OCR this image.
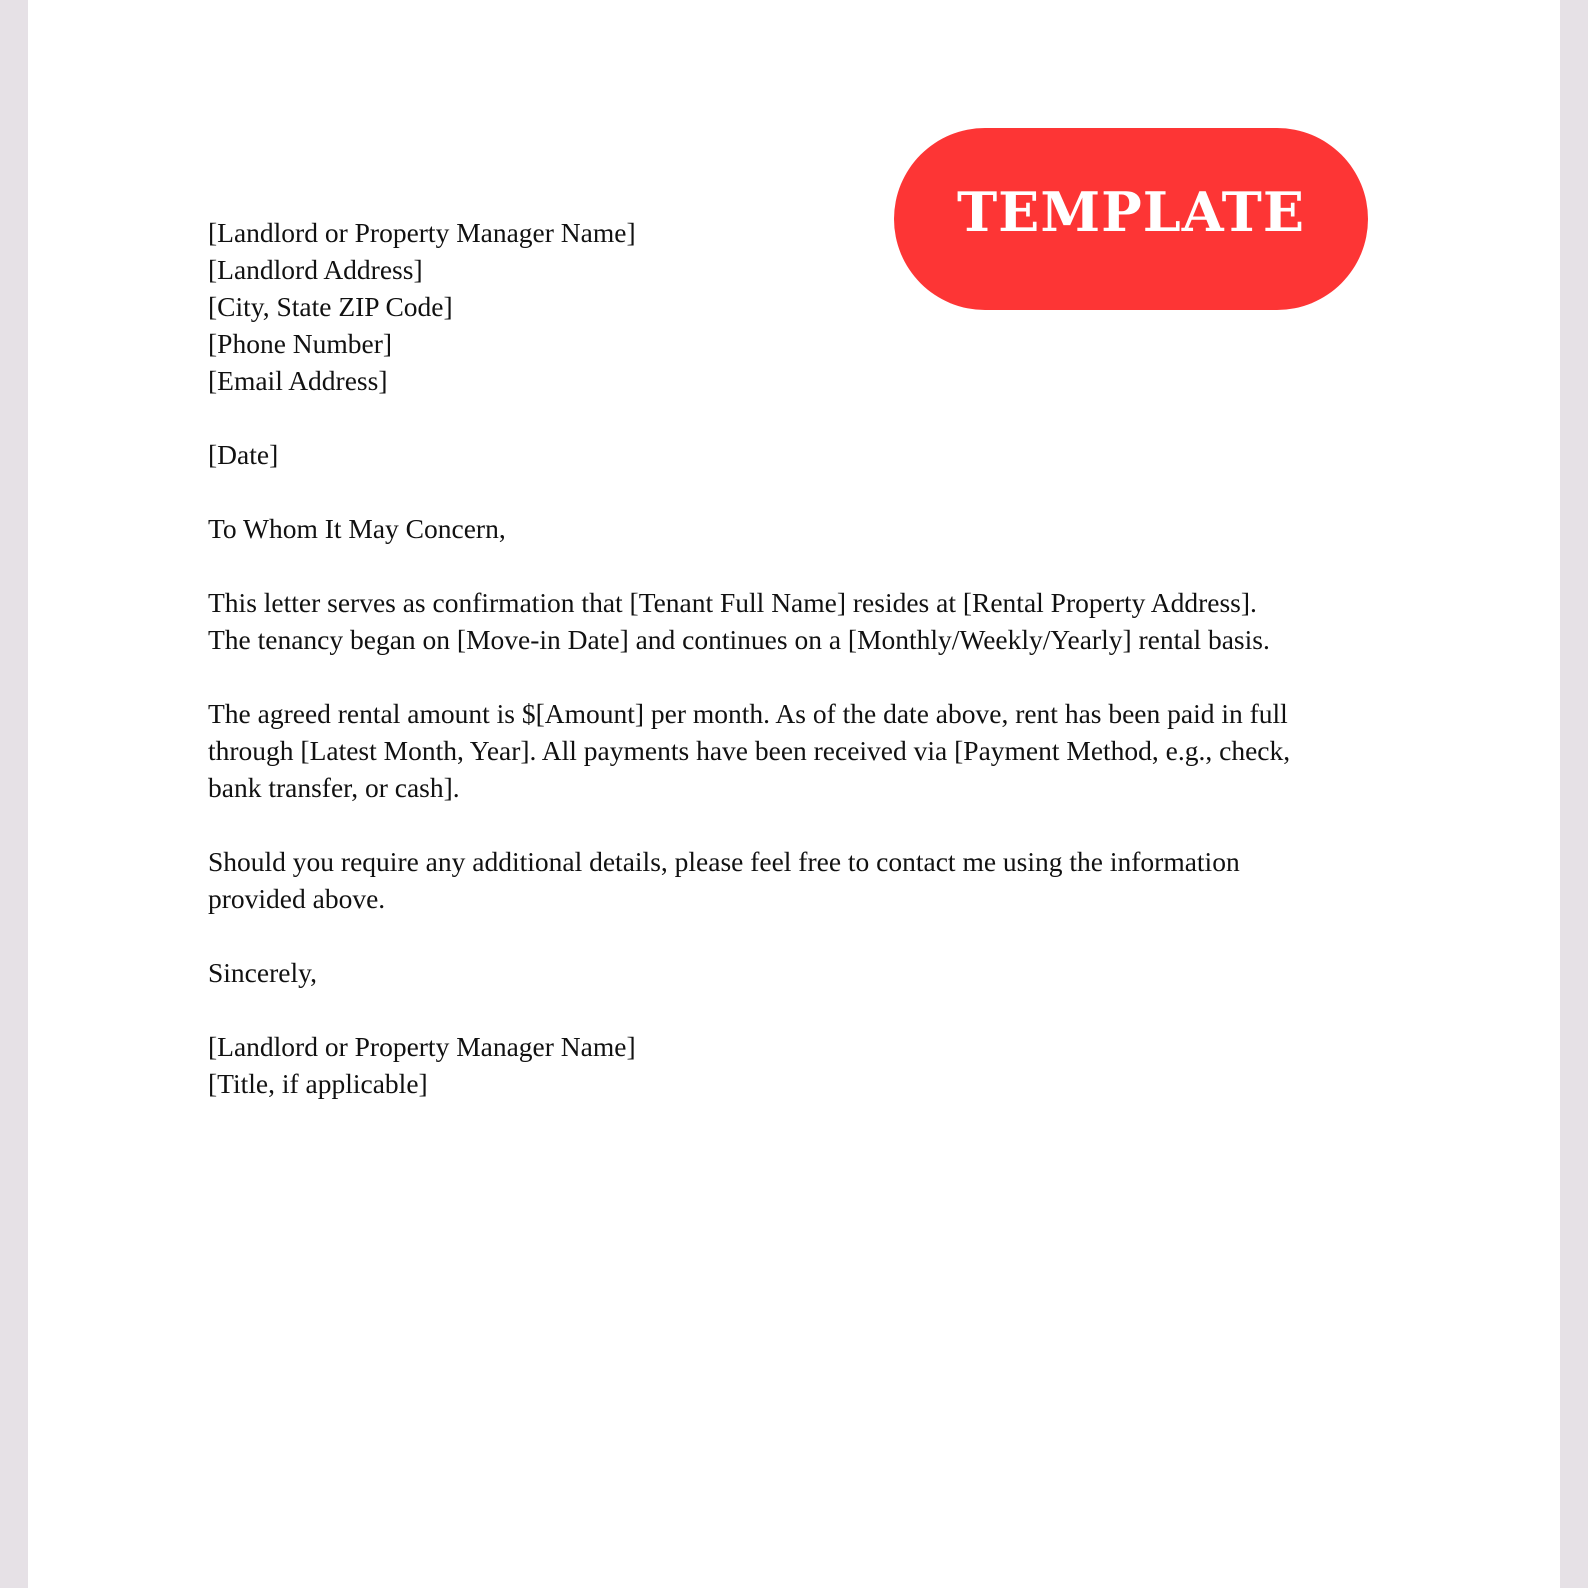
TEMPLATE
[Landlord or Property Manager Name]
[Landlord Address]
[City, State ZIP Code]
[Phone Number]
[Email Address]
[Date]
To Whom It May Concern,
This letter serves as confirmation that [Tenant Full Name] resides at [Rental Property Address].
The tenancy began on [Move-in Date] and continues on a [Monthly/Weekly/Yearly] rental basis.
The agreed rental amount is $[Amount] per month. As of the date above, rent has been paid in full
through [Latest Month, Year]. All payments have been received via [Payment Method, e.g., check,
bank transfer, or cash].
Should you require any additional details, please feel free to contact me using the information
provided above.
Sincerely,
[Landlord or Property Manager Name]
[Title, if applicable]
